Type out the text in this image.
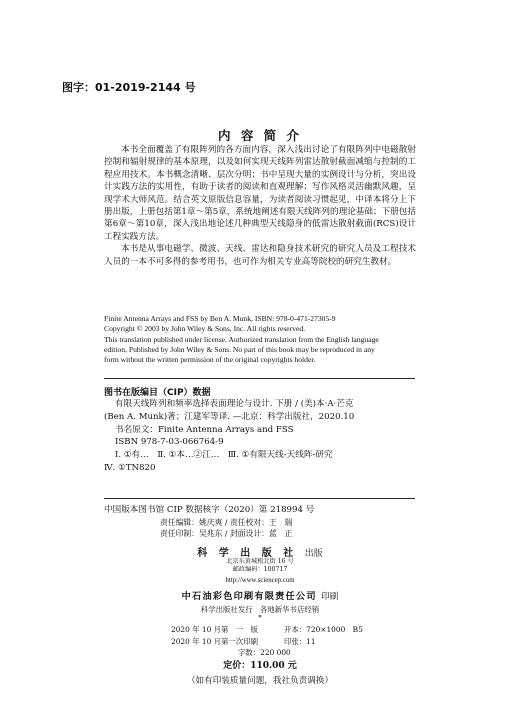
图字：01-2019-2144 号
内 容 简 介

本书全面覆盖了有限阵列的各方面内容，深入浅出讨论了有限阵列中电磁散射控制和辐射规律的基本原理，以及如何实现天线阵列雷达散射截面减缩与控制的工程应用技术。本书概念清晰、层次分明；书中呈现大量的实例设计与分析，突出设计实践方法的实用性，有助于读者的阅读和直观理解；写作风格灵活幽默风趣，呈现学术大师风范。结合英文原版信息容量，为读者阅读习惯起见，中译本将分上下册出版，上册包括第1章～第5章，系统地阐述有限天线阵列的理论基础；下册包括第6章～第10章，深入浅出地论述几种典型天线隐身的低雷达散射截面(RCS)设计工程实践方法。

本书是从事电磁学、微波、天线、雷达和隐身技术研究的研究人员及工程技术人员的一本不可多得的参考用书，也可作为相关专业高等院校的研究生教材。

Finite Antenna Arrays and FSS by Ben A. Munk, ISBN: 978-0-471-27305-9
Copyright © 2003 by John Wiley & Sons, Inc. All rights reserved.
This translation published under license. Authorized translation from the English language
edition, Published by John Wiley & Sons. No part of this book may be reproduced in any
form without the written permission of the original copyrights holder.
图书在版编目（CIP）数据
有限天线阵列和频率选择表面理论与设计. 下册 / (美)本·A·芒克
(Ben A. Munk)著；江建军等译. —北京：科学出版社，2020.10
书名原文：Finite Antenna Arrays and FSS
ISBN 978-7-03-066764-9
Ⅰ. ①有…　Ⅱ. ①本…②江…　Ⅲ. ①有限天线-天线阵-研究
Ⅳ. ①TN820
中国版本图书馆 CIP 数据核字（2020）第 218994 号
责任编辑：姚庆爽 / 责任校对：王　瑞
责任印制：吴兆东 / 封面设计：蓝　正
科 学 出 版 社 出版
北京东黄城根北街 16 号
邮政编码：100717
http://www.sciencep.com
中石油彩色印刷有限责任公司 印刷
科学出版社发行　各地新华书店经销
*
2020 年 10 月第　一　版	开本：720×1000　B5
2020 年 10 月第一次印刷	印张：11
字数：220 000
定价：110.00 元
（如有印装质量问题，我社负责调换）
